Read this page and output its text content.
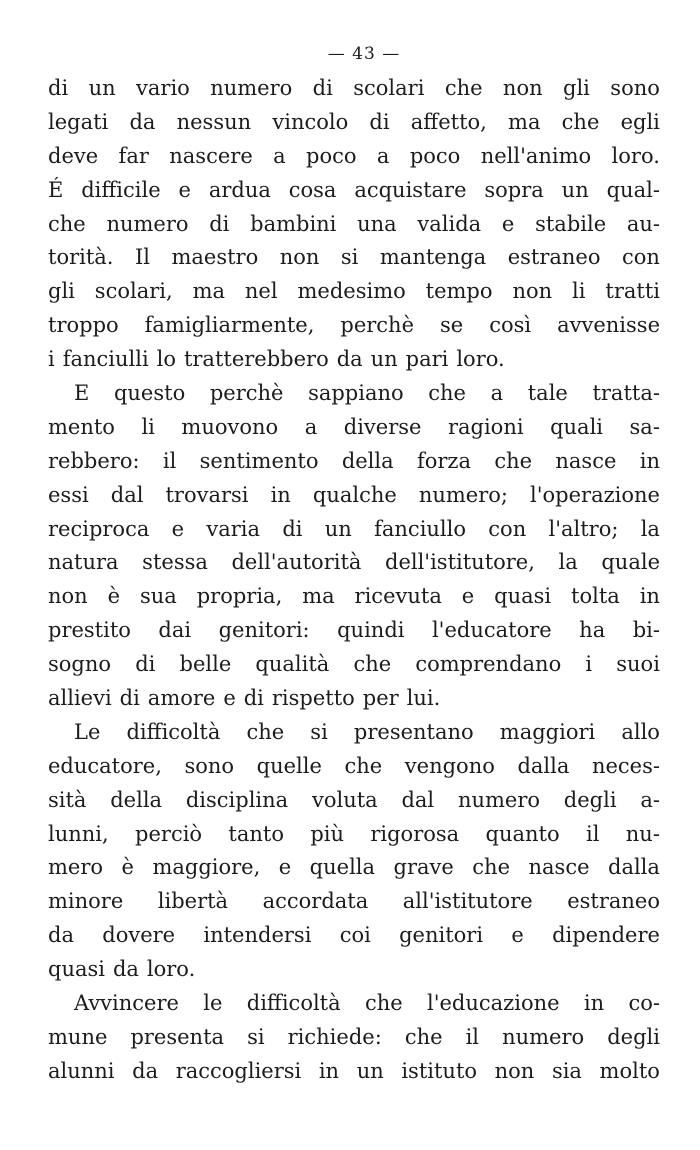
— 43 —
di un vario numero di scolari che non gli sono
legati da nessun vincolo di affetto, ma che egli
deve far nascere a poco a poco nell'animo loro.
É difficile e ardua cosa acquistare sopra un qual-
che numero di bambini una valida e stabile au-
torità. Il maestro non si mantenga estraneo con
gli scolari, ma nel medesimo tempo non li tratti
troppo famigliarmente, perchè se così avvenisse
i fanciulli lo tratterebbero da un pari loro.
E questo perchè sappiano che a tale tratta-
mento li muovono a diverse ragioni quali sa-
rebbero: il sentimento della forza che nasce in
essi dal trovarsi in qualche numero; l'operazione
reciproca e varia di un fanciullo con l'altro; la
natura stessa dell'autorità dell'istitutore, la quale
non è sua propria, ma ricevuta e quasi tolta in
prestito dai genitori: quindi l'educatore ha bi-
sogno di belle qualità che comprendano i suoi
allievi di amore e di rispetto per lui.
Le difficoltà che si presentano maggiori allo
educatore, sono quelle che vengono dalla neces-
sità della disciplina voluta dal numero degli a-
lunni, perciò tanto più rigorosa quanto il nu-
mero è maggiore, e quella grave che nasce dalla
minore libertà accordata all'istitutore estraneo
da dovere intendersi coi genitori e dipendere
quasi da loro.
Avvincere le difficoltà che l'educazione in co-
mune presenta si richiede: che il numero degli
alunni da raccogliersi in un istituto non sia molto
